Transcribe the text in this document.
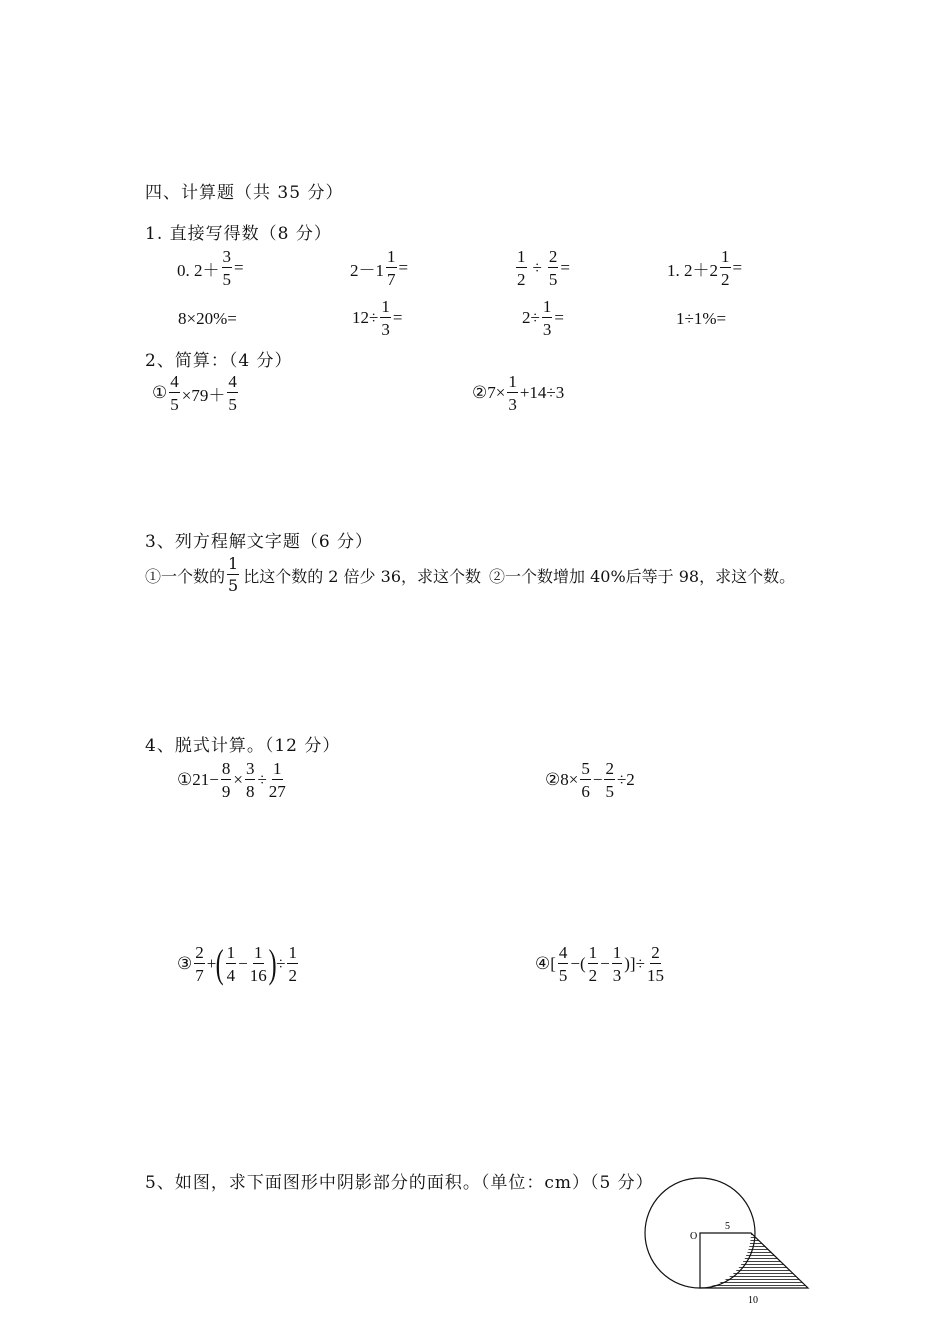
四、计算题（共 35 分）
1. 直接写得数（8 分）
0. $2+ \frac{3}{5}$ =	$2-1 \frac{1}{7}$ =	$\frac{1}{2} \div \frac{2}{5}$ =	1. $2+2 \frac{1}{2}$ =
8×20%=	$12\div \frac{1}{3}$ =	$2\div \frac{1}{3}$ =	1÷1%=
2、简算：（4 分）
① $\frac{4}{5} \times 79+ \frac{4}{5}$	②7× $\frac{1}{3} +14\div 3$
3、列方程解文字题（6 分）
①一个数的 $\frac{1}{5}$ 比这个数的 2 倍少 36，求这个数 ②一个数增加 40%后等于 98，求这个数。
4、脱式计算。（12 分）
① $21- \frac{8}{9} \times \frac{3}{8} \div \frac{1}{27}$	② $8\times \frac{5}{6} - \frac{2}{5} \div 2$
③ $\frac{2}{7}$ + ( $\frac{1}{4} - \frac{1}{16}$ ) ÷ $\frac{1}{2}$	④ [ $\frac{4}{5}$ −( $\frac{1}{2} - \frac{1}{3}$ )] ÷ $\frac{2}{15}$
5、如图，求下面图形中阴影部分的面积。（单位：cm）（5 分）
O
5
10
